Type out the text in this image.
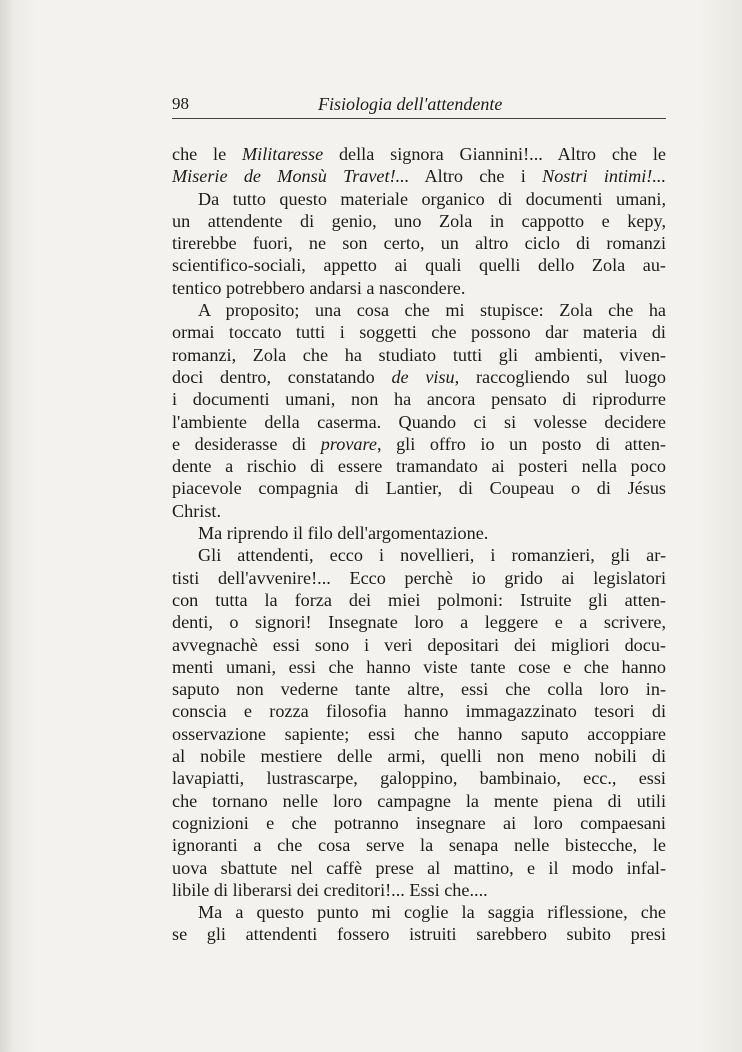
98	Fisiologia dell'attendente
che le Militaresse della signora Giannini!... Altro che le
Miserie de Monsù Travet!... Altro che i Nostri intimi!...
Da tutto questo materiale organico di documenti umani,
un attendente di genio, uno Zola in cappotto e kepy,
tirerebbe fuori, ne son certo, un altro ciclo di romanzi
scientifico-sociali, appetto ai quali quelli dello Zola au-
tentico potrebbero andarsi a nascondere.
A proposito; una cosa che mi stupisce: Zola che ha
ormai toccato tutti i soggetti che possono dar materia di
romanzi, Zola che ha studiato tutti gli ambienti, viven-
doci dentro, constatando de visu, raccogliendo sul luogo
i documenti umani, non ha ancora pensato di riprodurre
l'ambiente della caserma. Quando ci si volesse decidere
e desiderasse di provare, gli offro io un posto di atten-
dente a rischio di essere tramandato ai posteri nella poco
piacevole compagnia di Lantier, di Coupeau o di Jésus
Christ.
Ma riprendo il filo dell'argomentazione.
Gli attendenti, ecco i novellieri, i romanzieri, gli ar-
tisti dell'avvenire!... Ecco perchè io grido ai legislatori
con tutta la forza dei miei polmoni: Istruite gli atten-
denti, o signori! Insegnate loro a leggere e a scrivere,
avvegnachè essi sono i veri depositari dei migliori docu-
menti umani, essi che hanno viste tante cose e che hanno
saputo non vederne tante altre, essi che colla loro in-
conscia e rozza filosofia hanno immagazzinato tesori di
osservazione sapiente; essi che hanno saputo accoppiare
al nobile mestiere delle armi, quelli non meno nobili di
lavapiatti, lustrascarpe, galoppino, bambinaio, ecc., essi
che tornano nelle loro campagne la mente piena di utili
cognizioni e che potranno insegnare ai loro compaesani
ignoranti a che cosa serve la senapa nelle bistecche, le
uova sbattute nel caffè prese al mattino, e il modo infal-
libile di liberarsi dei creditori!... Essi che....
Ma a questo punto mi coglie la saggia riflessione, che
se gli attendenti fossero istruiti sarebbero subito presi
